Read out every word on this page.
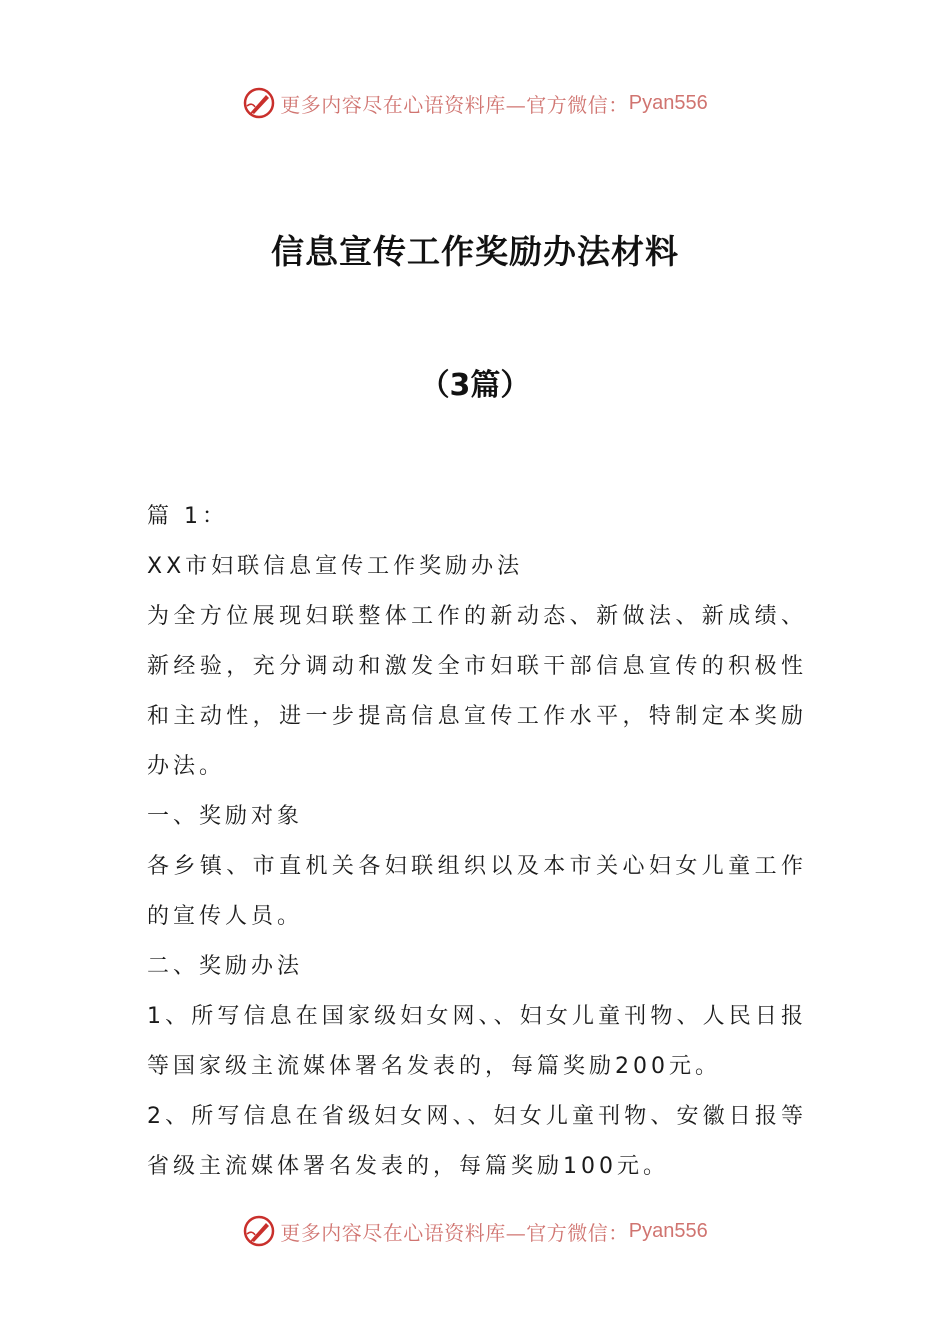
更多内容尽在心语资料库—官方微信： Pyan556
信息宣传工作奖励办法材料
（3篇）

篇 1：

XX市妇联信息宣传工作奖励办法

为全方位展现妇联整体工作的新动态、新做法、新成绩、新经验，充分调动和激发全市妇联干部信息宣传的积极性和主动性，进一步提高信息宣传工作水平，特制定本奖励办法。

一、奖励对象

各乡镇、市直机关各妇联组织以及本市关心妇女儿童工作的宣传人员。

二、奖励办法

1、所写信息在国家级妇女网、、妇女儿童刊物、人民日报等国家级主流媒体署名发表的，每篇奖励200元。

2、所写信息在省级妇女网、、妇女儿童刊物、安徽日报等省级主流媒体署名发表的，每篇奖励100元。

更多内容尽在心语资料库—官方微信： Pyan556
